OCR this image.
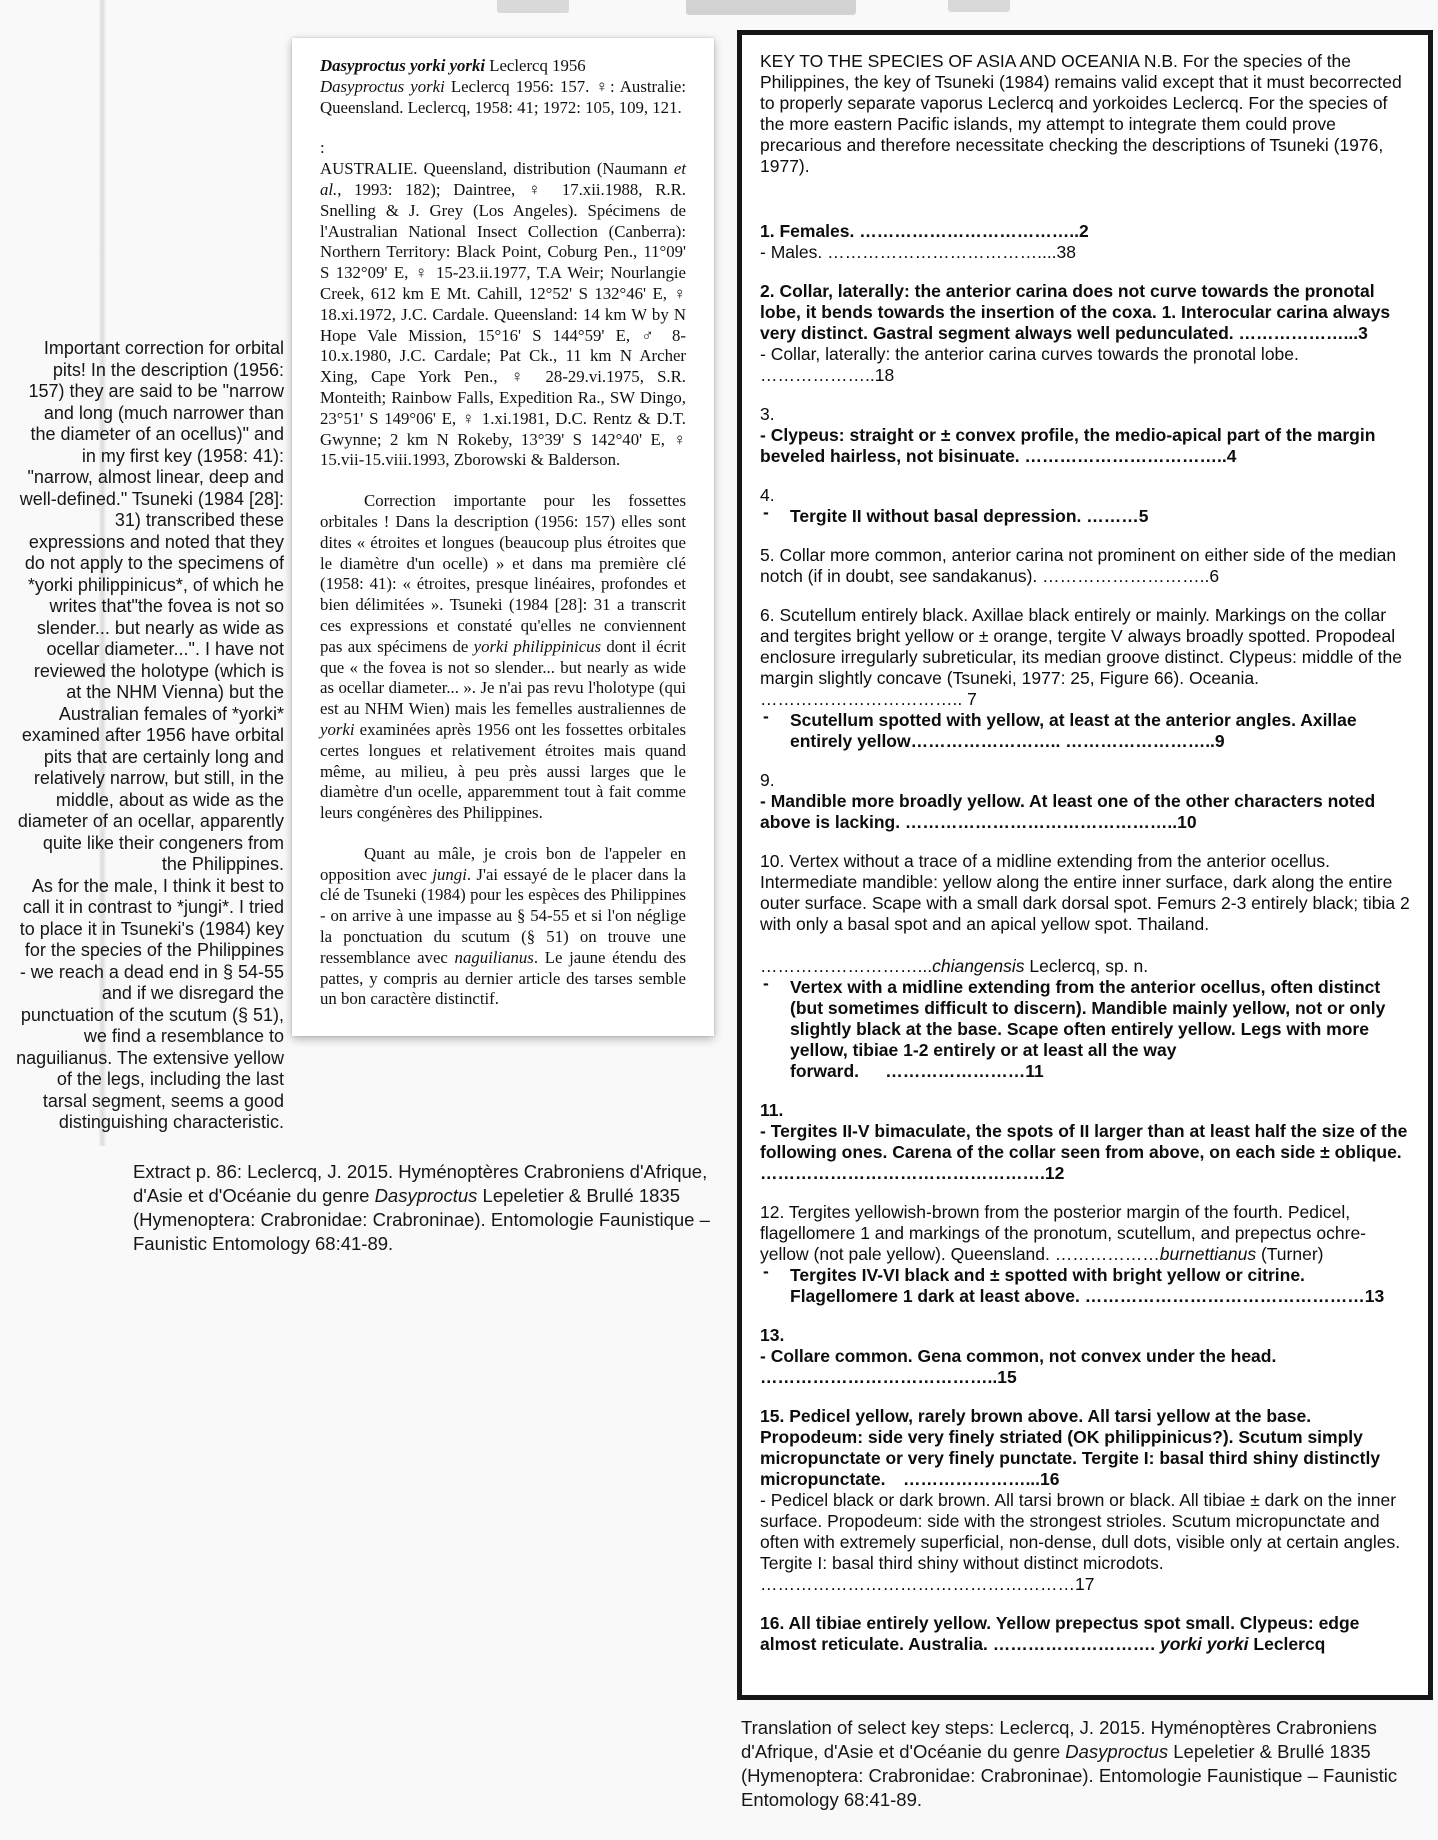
Important correction for orbital pits! In the description (1956: 157) they are said to be "narrow and long (much narrower than the diameter of an ocellus)" and in my first key (1958: 41): "narrow, almost linear, deep and well-defined." Tsuneki (1984 [28]: 31) transcribed these expressions and noted that they do not apply to the specimens of *yorki philippinicus*, of which he writes that"the fovea is not so slender... but nearly as wide as ocellar diameter...". I have not reviewed the holotype (which is at the NHM Vienna) but the Australian females of *yorki* examined after 1956 have orbital pits that are certainly long and relatively narrow, but still, in the middle, about as wide as the diameter of an ocellar, apparently quite like their congeners from the Philippines.
As for the male, I think it best to call it in contrast to *jungi*. I tried to place it in Tsuneki's (1984) key for the species of the Philippines - we reach a dead end in § 54-55 and if we disregard the punctuation of the scutum (§ 51), we find a resemblance to naguilianus. The extensive yellow of the legs, including the last tarsal segment, seems a good distinguishing characteristic.

Dasyproctus yorki yorki Leclercq 1956

Dasyproctus yorki Leclercq 1956: 157. ♀: Australie: Queensland. Leclercq, 1958: 41; 1972: 105, 109, 121.

:

AUSTRALIE. Queensland, distribution (Naumann et al., 1993: 182); Daintree, ♀ 17.xii.1988, R.R. Snelling & J. Grey (Los Angeles). Spécimens de l'Australian National Insect Collection (Canberra): Northern Territory: Black Point, Coburg Pen., 11°09' S 132°09' E, ♀ 15-23.ii.1977, T.A Weir; Nourlangie Creek, 612 km E Mt. Cahill, 12°52' S 132°46' E, ♀ 18.xi.1972, J.C. Cardale. Queensland: 14 km W by N Hope Vale Mission, 15°16' S 144°59' E, ♂ 8-10.x.1980, J.C. Cardale; Pat Ck., 11 km N Archer Xing, Cape York Pen., ♀ 28-29.vi.1975, S.R. Monteith; Rainbow Falls, Expedition Ra., SW Dingo, 23°51' S 149°06' E, ♀ 1.xi.1981, D.C. Rentz & D.T. Gwynne; 2 km N Rokeby, 13°39' S 142°40' E, ♀ 15.vii-15.viii.1993, Zborowski & Balderson.

Correction importante pour les fossettes orbitales ! Dans la description (1956: 157) elles sont dites « étroites et longues (beaucoup plus étroites que le diamètre d'un ocelle) » et dans ma première clé (1958: 41): « étroites, presque linéaires, profondes et bien délimitées ». Tsuneki (1984 [28]: 31 a transcrit ces expressions et constaté qu'elles ne conviennent pas aux spécimens de yorki philippinicus dont il écrit que « the fovea is not so slender... but nearly as wide as ocellar diameter... ». Je n'ai pas revu l'holotype (qui est au NHM Wien) mais les femelles australiennes de yorki examinées après 1956 ont les fossettes orbitales certes longues et relativement étroites mais quand même, au milieu, à peu près aussi larges que le diamètre d'un ocelle, apparemment tout à fait comme leurs congénères des Philippines.

Quant au mâle, je crois bon de l'appeler en opposition avec jungi. J'ai essayé de le placer dans la clé de Tsuneki (1984) pour les espèces des Philippines - on arrive à une impasse au § 54-55 et si l'on néglige la ponctuation du scutum (§ 51) on trouve une ressemblance avec naguilianus. Le jaune étendu des pattes, y compris au dernier article des tarses semble un bon caractère distinctif.

Extract p. 86: Leclercq, J. 2015. Hyménoptères Crabroniens d'Afrique, d'Asie et d'Océanie du genre Dasyproctus Lepeletier & Brullé 1835 (Hymenoptera: Crabronidae: Crabroninae). Entomologie Faunistique – Faunistic Entomology 68:41-89.
KEY TO THE SPECIES OF ASIA AND OCEANIA N.B. For the species of the Philippines, the key of Tsuneki (1984) remains valid except that it must becorrected to properly separate vaporus Leclercq and yorkoides Leclercq. For the species of the more eastern Pacific islands, my attempt to integrate them could prove precarious and therefore necessitate checking the descriptions of Tsuneki (1976, 1977).
1. Females. ………………………………..2
- Males. ………………………………....38
2. Collar, laterally: the anterior carina does not curve towards the pronotal lobe, it bends towards the insertion of the coxa. 1. Interocular carina always very distinct. Gastral segment always well pedunculated. ………………...3
- Collar, laterally: the anterior carina curves towards the pronotal lobe. ………………..18
3.
- Clypeus: straight or ± convex profile, the medio-apical part of the margin beveled hairless, not bisinuate. ……………………………..4
4.
- Tergite II without basal depression. ………5
5. Collar more common, anterior carina not prominent on either side of the median notch (if in doubt, see sandakanus). ………………………..6
6. Scutellum entirely black. Axillae black entirely or mainly. Markings on the collar and tergites bright yellow or ± orange, tergite V always broadly spotted. Propodeal enclosure irregularly subreticular, its median groove distinct. Clypeus: middle of the margin slightly concave (Tsuneki, 1977: 25, Figure 66). Oceania. …………………………….. 7
- Scutellum spotted with yellow, at least at the anterior angles. Axillae entirely yellow…………………….. ……………………..9
9.
- Mandible more broadly yellow. At least one of the other characters noted above is lacking. ………………………………………..10
10. Vertex without a trace of a midline extending from the anterior ocellus. Intermediate mandible: yellow along the entire inner surface, dark along the entire outer surface. Scape with a small dark dorsal spot. Femurs 2-3 entirely black; tibia 2 with only a basal spot and an apical yellow spot. Thailand.
………………………...chiangensis Leclercq, sp. n.
- Vertex with a midline extending from the anterior ocellus, often distinct (but sometimes difficult to discern). Mandible mainly yellow, not or only slightly black at the base. Scape often entirely yellow. Legs with more yellow, tibiae 1-2 entirely or at least all the way forward.  ……………………11
11.
- Tergites II-V bimaculate, the spots of II larger than at least half the size of the following ones. Carena of the collar seen from above, on each side ± oblique. ………………………………………….12
12. Tergites yellowish-brown from the posterior margin of the fourth. Pedicel, flagellomere 1 and markings of the pronotum, scutellum, and prepectus ochre-yellow (not pale yellow). Queensland. ………………burnettianus (Turner)
- Tergites IV-VI black and ± spotted with bright yellow or citrine. Flagellomere 1 dark at least above. …………………………………………13
13.
- Collare common. Gena common, not convex under the head. …………………………………..15
15. Pedicel yellow, rarely brown above. All tarsi yellow at the base. Propodeum: side very finely striated (OK philippinicus?). Scutum simply micropunctate or very finely punctate. Tergite I: basal third shiny distinctly micropunctate. …………………...16
- Pedicel black or dark brown. All tarsi brown or black. All tibiae ± dark on the inner surface. Propodeum: side with the strongest strioles. Scutum micropunctate and often with extremely superficial, non-dense, dull dots, visible only at certain angles. Tergite I: basal third shiny without distinct microdots. ………………………………………………17
16. All tibiae entirely yellow. Yellow prepectus spot small. Clypeus: edge almost reticulate. Australia. ………………………. yorki yorki Leclercq
Translation of select key steps: Leclercq, J. 2015. Hyménoptères Crabroniens d'Afrique, d'Asie et d'Océanie du genre Dasyproctus Lepeletier & Brullé 1835 (Hymenoptera: Crabronidae: Crabroninae). Entomologie Faunistique – Faunistic Entomology 68:41-89.
